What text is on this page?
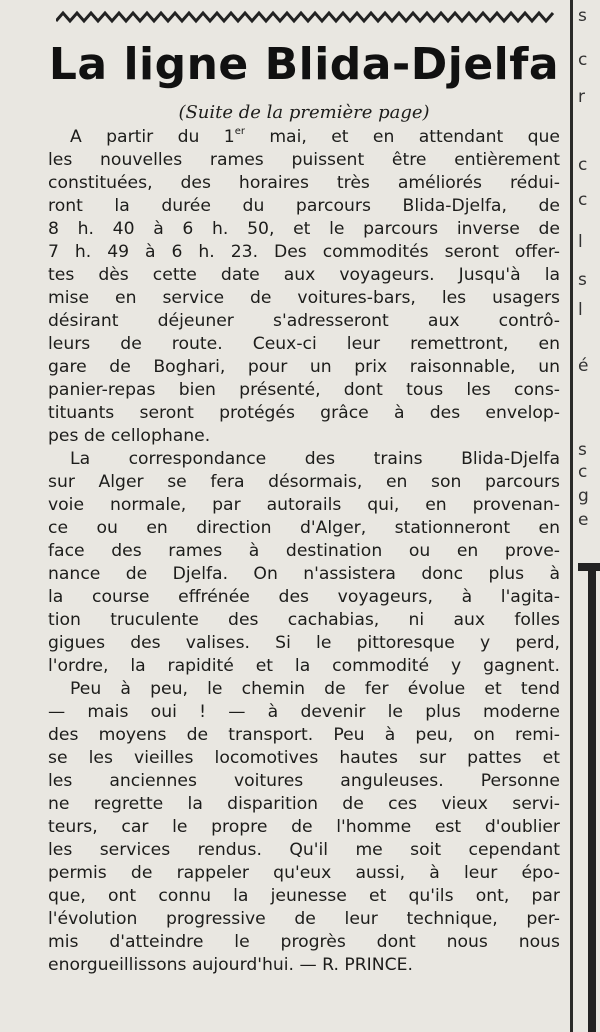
s
c
r
c
c
l
s
l
é
s
c
g
e
La ligne Blida-Djelfa
(Suite de la première page)
A partir du 1er mai, et en attendant que
les nouvelles rames puissent être entièrement
constituées, des horaires très améliorés rédui-
ront la durée du parcours Blida-Djelfa, de
8 h. 40 à 6 h. 50, et le parcours inverse de
7 h. 49 à 6 h. 23. Des commodités seront offer-
tes dès cette date aux voyageurs. Jusqu'à la
mise en service de voitures-bars, les usagers
désirant déjeuner s'adresseront aux contrô-
leurs de route. Ceux-ci leur remettront, en
gare de Boghari, pour un prix raisonnable, un
panier-repas bien présenté, dont tous les cons-
tituants seront protégés grâce à des envelop-
pes de cellophane.
La correspondance des trains Blida-Djelfa
sur Alger se fera désormais, en son parcours
voie normale, par autorails qui, en provenan-
ce ou en direction d'Alger, stationneront en
face des rames à destination ou en prove-
nance de Djelfa. On n'assistera donc plus à
la course effrénée des voyageurs, à l'agita-
tion truculente des cachabias, ni aux folles
gigues des valises. Si le pittoresque y perd,
l'ordre, la rapidité et la commodité y gagnent.
Peu à peu, le chemin de fer évolue et tend
— mais oui ! — à devenir le plus moderne
des moyens de transport. Peu à peu, on remi-
se les vieilles locomotives hautes sur pattes et
les anciennes voitures anguleuses. Personne
ne regrette la disparition de ces vieux servi-
teurs, car le propre de l'homme est d'oublier
les services rendus. Qu'il me soit cependant
permis de rappeler qu'eux aussi, à leur épo-
que, ont connu la jeunesse et qu'ils ont, par
l'évolution progressive de leur technique, per-
mis d'atteindre le progrès dont nous nous
enorgueillissons aujourd'hui. — R. PRINCE.
